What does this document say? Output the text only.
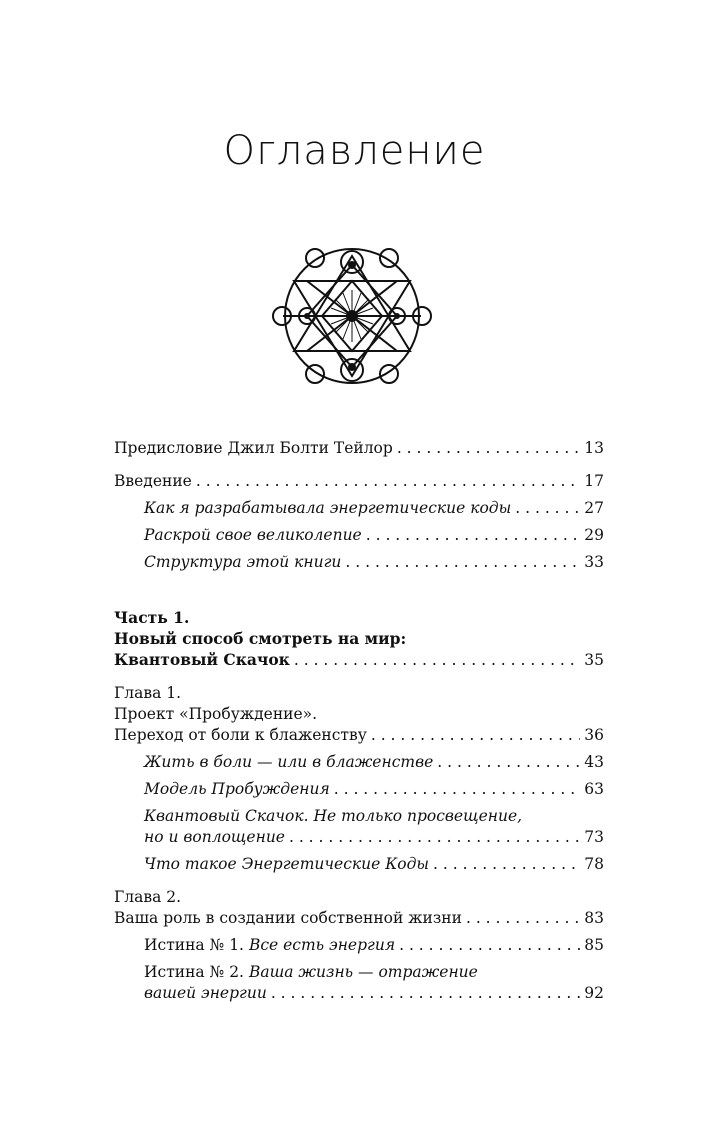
Оглавление
Предисловие Джил Болти Тейлор . . .	13
Введение . . .	17
Как я разрабатывала энергетические коды . . .	27
Раскрой свое великолепие . . .	29
Структура этой книги . . .	33
Часть 1.
Новый способ смотреть на мир:
Квантовый Скачок . . .	35
Глава 1.
Проект «Пробуждение».
Переход от боли к блаженству . . .	36
Жить в боли — или в блаженстве . . .	43
Модель Пробуждения . . .	63
Квантовый Скачок. Не только просвещение,
но и воплощение . . .	73
Что такое Энергетические Коды . . .	78
Глава 2.
Ваша роль в создании собственной жизни . . .	83
Истина № 1. Все есть энергия . . .	85
Истина № 2. Ваша жизнь — отражение
вашей энергии . . .	92
